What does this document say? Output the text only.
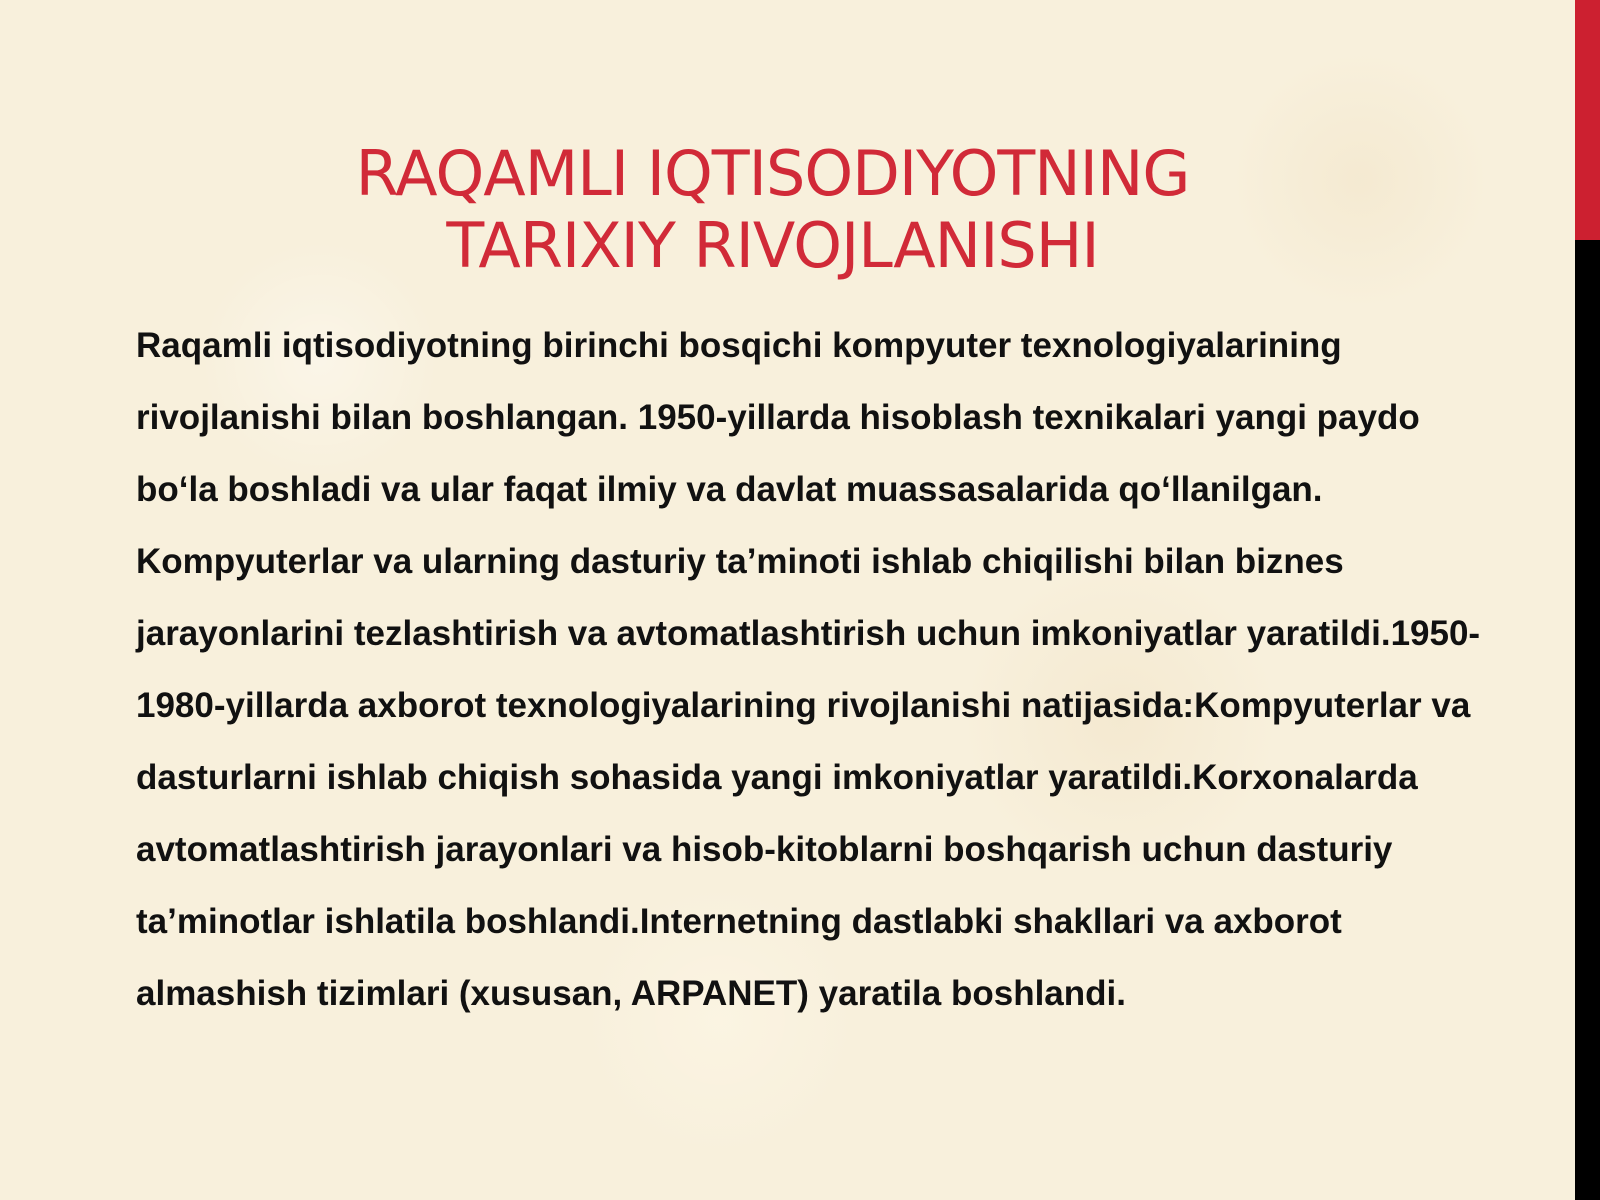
RAQAMLI IQTISODIYOTNING
TARIXIY RIVOJLANISHI

Raqamli iqtisodiyotning birinchi bosqichi kompyuter texnologiyalarining rivojlanishi bilan boshlangan. 1950-yillarda hisoblash texnikalari yangi paydo bo‘la boshladi va ular faqat ilmiy va davlat muassasalarida qo‘llanilgan. Kompyuterlar va ularning dasturiy ta’minoti ishlab chiqilishi bilan biznes jarayonlarini tezlashtirish va avtomatlashtirish uchun imkoniyatlar yaratildi.1950-1980-yillarda axborot texnologiyalarining rivojlanishi natijasida:Kompyuterlar va dasturlarni ishlab chiqish sohasida yangi imkoniyatlar yaratildi.Korxonalarda avtomatlashtirish jarayonlari va hisob-kitoblarni boshqarish uchun dasturiy ta’minotlar ishlatila boshlandi.Internetning dastlabki shakllari va axborot almashish tizimlari (xususan, ARPANET) yaratila boshlandi.
